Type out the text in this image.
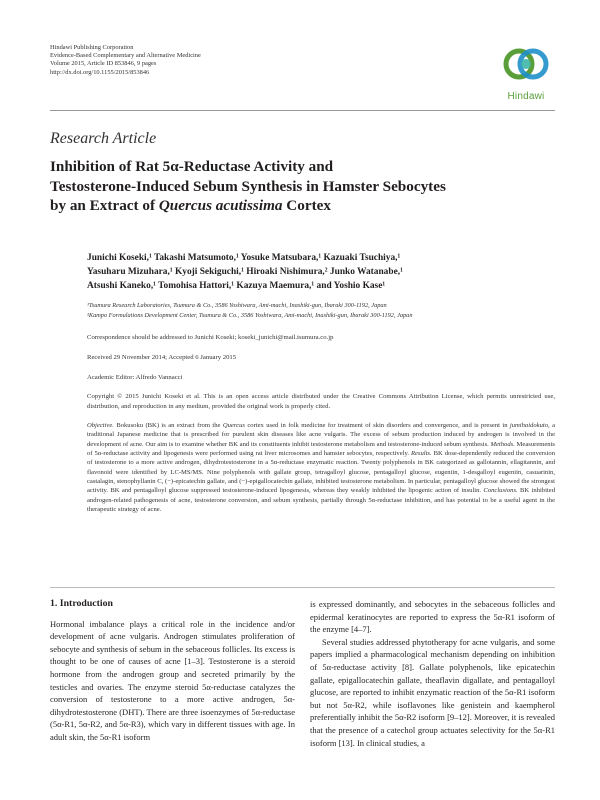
Hindawi Publishing Corporation
Evidence-Based Complementary and Alternative Medicine
Volume 2015, Article ID 853846, 9 pages
http://dx.doi.org/10.1155/2015/853846
Hindawi
Research Article
Inhibition of Rat 5α-Reductase Activity and
Testosterone-Induced Sebum Synthesis in Hamster Sebocytes
by an Extract of Quercus acutissima Cortex
Junichi Koseki,¹ Takashi Matsumoto,¹ Yosuke Matsubara,¹ Kazuaki Tsuchiya,¹
Yasuharu Mizuhara,¹ Kyoji Sekiguchi,¹ Hiroaki Nishimura,² Junko Watanabe,¹
Atsushi Kaneko,¹ Tomohisa Hattori,¹ Kazuya Maemura,¹ and Yoshio Kase¹
¹Tsumura Research Laboratories, Tsumura & Co., 3586 Yoshiwara, Ami-machi, Inashiki-gun, Ibaraki 300-1192, Japan
²Kampo Formulations Development Center, Tsumura & Co., 3586 Yoshiwara, Ami-machi, Inashiki-gun, Ibaraki 300-1192, Japan
Correspondence should be addressed to Junichi Koseki; koseki_junichi@mail.tsumura.co.jp
Received 29 November 2014; Accepted 6 January 2015
Academic Editor: Alfredo Vannacci
Copyright © 2015 Junichi Koseki et al. This is an open access article distributed under the Creative Commons Attribution License, which permits unrestricted use, distribution, and reproduction in any medium, provided the original work is properly cited.

Objective. Bokusoku (BK) is an extract from the Quercus cortex used in folk medicine for treatment of skin disorders and convergence, and is present in jumihaidokuto, a traditional Japanese medicine that is prescribed for purulent skin diseases like acne vulgaris. The excess of sebum production induced by androgen is involved in the development of acne. Our aim is to examine whether BK and its constituents inhibit testosterone metabolism and testosterone-induced sebum synthesis. Methods. Measurements of 5α-reductase activity and lipogenesis were performed using rat liver microsomes and hamster sebocytes, respectively. Results. BK dose-dependently reduced the conversion of testosterone to a more active androgen, dihydrotestosterone in a 5α-reductase enzymatic reaction. Twenty polyphenols in BK categorized as gallotannin, ellagitannin, and flavonoid were identified by LC-MS/MS. Nine polyphenols with gallate group, tetragalloyl glucose, pentagalloyl glucose, eugeniin, 1-desgalloyl eugeniin, casuarinin, castalagin, stenophyllanin C, (−)-epicatechin gallate, and (−)-epigallocatechin gallate, inhibited testosterone metabolism. In particular, pentagalloyl glucose showed the strongest activity. BK and pentagalloyl glucose suppressed testosterone-induced lipogenesis, whereas they weakly inhibited the lipogenic action of insulin. Conclusions. BK inhibited androgen-related pathogenesis of acne, testosterone conversion, and sebum synthesis, partially through 5α-reductase inhibition, and has potential to be a useful agent in the therapeutic strategy of acne.

1. Introduction

Hormonal imbalance plays a critical role in the incidence and/or development of acne vulgaris. Androgen stimulates proliferation of sebocyte and synthesis of sebum in the sebaceous follicles. Its excess is thought to be one of causes of acne [1–3]. Testosterone is a steroid hormone from the androgen group and secreted primarily by the testicles and ovaries. The enzyme steroid 5α-reductase catalyzes the conversion of testosterone to a more active androgen, 5α-dihydrotestosterone (DHT). There are three isoenzymes of 5α-reductase (5α-R1, 5α-R2, and 5α-R3), which vary in different tissues with age. In adult skin, the 5α-R1 isoform

is expressed dominantly, and sebocytes in the sebaceous follicles and epidermal keratinocytes are reported to express the 5α-R1 isoform of the enzyme [4–7].

Several studies addressed phytotherapy for acne vulgaris, and some papers implied a pharmacological mechanism depending on inhibition of 5α-reductase activity [8]. Gallate polyphenols, like epicatechin gallate, epigallocatechin gallate, theaflavin digallate, and pentagalloyl glucose, are reported to inhibit enzymatic reaction of the 5α-R1 isoform but not 5α-R2, while isoflavones like genistein and kaempherol preferentially inhibit the 5α-R2 isoform [9–12]. Moreover, it is revealed that the presence of a catechol group actuates selectivity for the 5α-R1 isoform [13]. In clinical studies, a
